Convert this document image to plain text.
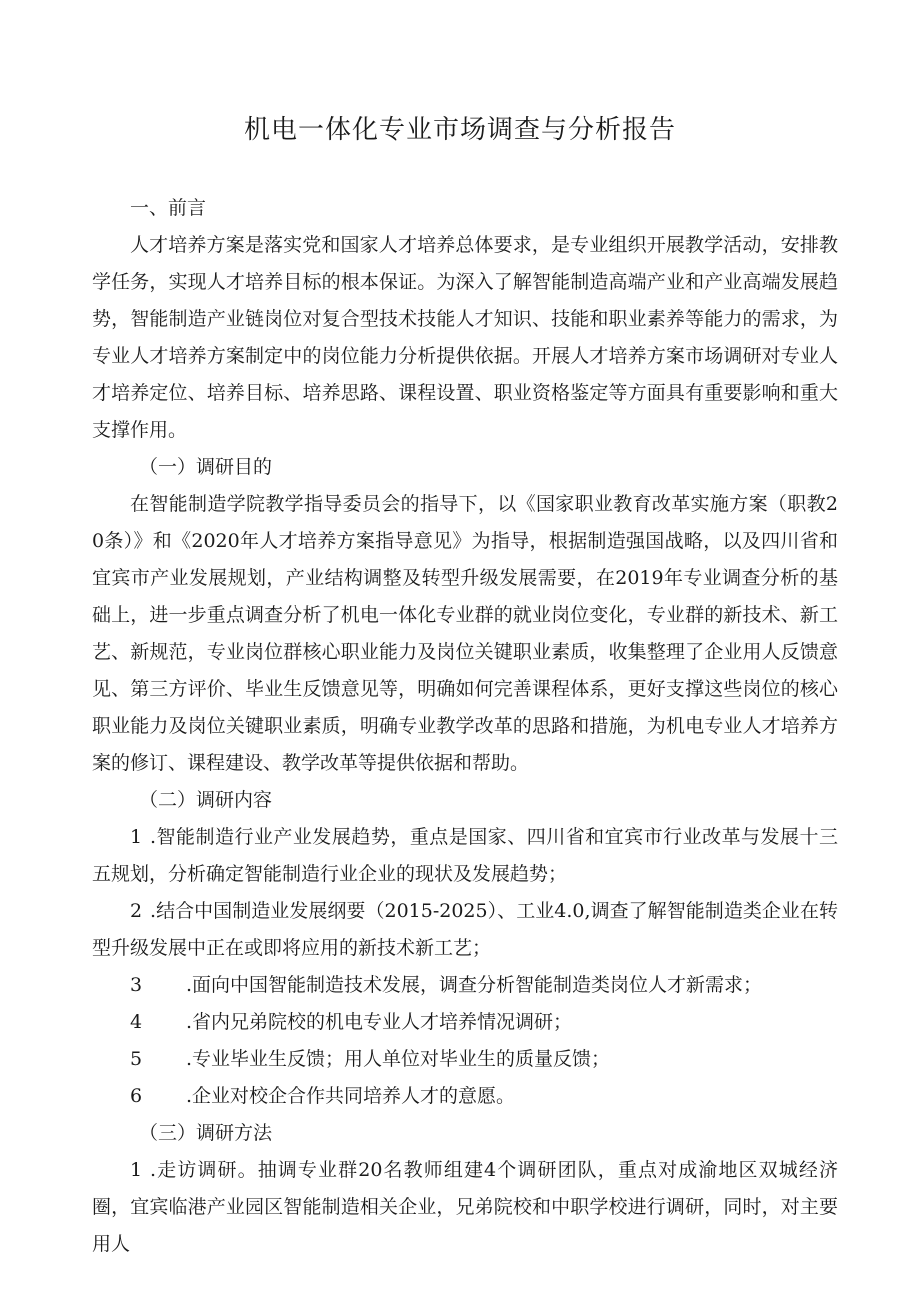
机电一体化专业市场调查与分析报告

一、前言

人才培养方案是落实党和国家人才培养总体要求，是专业组织开展教学活动，安排教学任务，实现人才培养目标的根本保证。为深入了解智能制造高端产业和产业高端发展趋势，智能制造产业链岗位对复合型技术技能人才知识、技能和职业素养等能力的需求，为专业人才培养方案制定中的岗位能力分析提供依据。开展人才培养方案市场调研对专业人才培养定位、培养目标、培养思路、课程设置、职业资格鉴定等方面具有重要影响和重大支撑作用。

（一）调研目的

在智能制造学院教学指导委员会的指导下，以《国家职业教育改革实施方案（职教20条）》和《2020年人才培养方案指导意见》为指导，根据制造强国战略，以及四川省和宜宾市产业发展规划，产业结构调整及转型升级发展需要，在2019年专业调查分析的基础上，进一步重点调查分析了机电一体化专业群的就业岗位变化，专业群的新技术、新工艺、新规范，专业岗位群核心职业能力及岗位关键职业素质，收集整理了企业用人反馈意见、第三方评价、毕业生反馈意见等，明确如何完善课程体系，更好支撑这些岗位的核心职业能力及岗位关键职业素质，明确专业教学改革的思路和措施，为机电专业人才培养方案的修订、课程建设、教学改革等提供依据和帮助。

（二）调研内容

1 .智能制造行业产业发展趋势，重点是国家、四川省和宜宾市行业改革与发展十三五规划，分析确定智能制造行业企业的现状及发展趋势；

2 .结合中国制造业发展纲要（2015-2025）、工业4.0,调查了解智能制造类企业在转型升级发展中正在或即将应用的新技术新工艺；

3 .面向中国智能制造技术发展，调查分析智能制造类岗位人才新需求；

4 .省内兄弟院校的机电专业人才培养情况调研；

5 .专业毕业生反馈；用人单位对毕业生的质量反馈；

6 .企业对校企合作共同培养人才的意愿。

（三）调研方法

1 .走访调研。抽调专业群20名教师组建4个调研团队，重点对成渝地区双城经济圈，宜宾临港产业园区智能制造相关企业，兄弟院校和中职学校进行调研，同时，对主要用人
